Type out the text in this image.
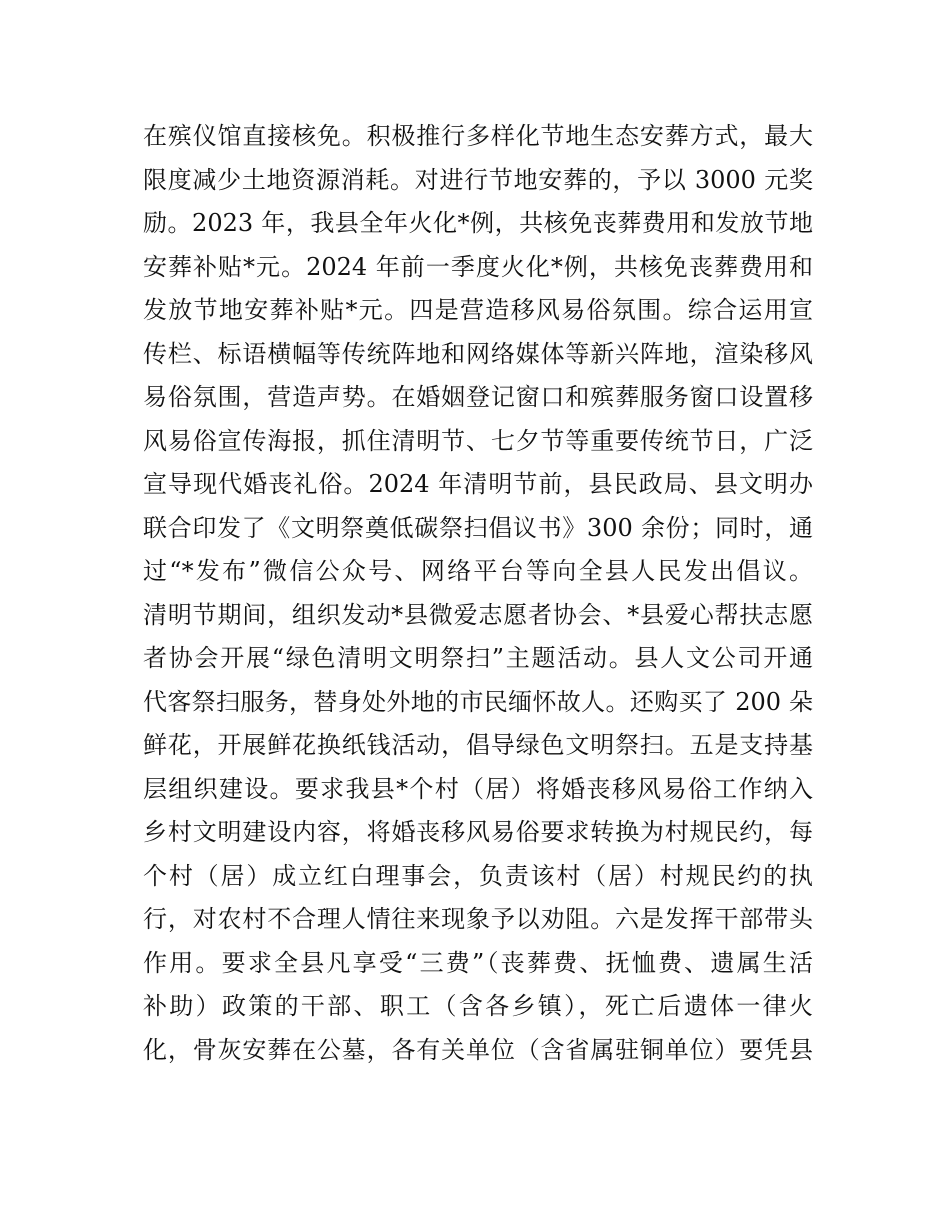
在殡仪馆直接核免。积极推行多样化节地生态安葬方式，最大
限度减少土地资源消耗。对进行节地安葬的，予以 3000 元奖
励。2023 年，我县全年火化*例，共核免丧葬费用和发放节地
安葬补贴*元。2024 年前一季度火化*例，共核免丧葬费用和
发放节地安葬补贴*元。四是营造移风易俗氛围。综合运用宣
传栏、标语横幅等传统阵地和网络媒体等新兴阵地，渲染移风
易俗氛围，营造声势。在婚姻登记窗口和殡葬服务窗口设置移
风易俗宣传海报，抓住清明节、七夕节等重要传统节日，广泛
宣导现代婚丧礼俗。2024 年清明节前，县民政局、县文明办
联合印发了《文明祭奠低碳祭扫倡议书》300 余份；同时，通
过“*发布”微信公众号、网络平台等向全县人民发出倡议。
清明节期间，组织发动*县微爱志愿者协会、*县爱心帮扶志愿
者协会开展“绿色清明文明祭扫”主题活动。县人文公司开通
代客祭扫服务，替身处外地的市民缅怀故人。还购买了 200 朵
鲜花，开展鲜花换纸钱活动，倡导绿色文明祭扫。五是支持基
层组织建设。要求我县*个村（居）将婚丧移风易俗工作纳入
乡村文明建设内容，将婚丧移风易俗要求转换为村规民约，每
个村（居）成立红白理事会，负责该村（居）村规民约的执
行，对农村不合理人情往来现象予以劝阻。六是发挥干部带头
作用。要求全县凡享受“三费”（丧葬费、抚恤费、遗属生活
补助）政策的干部、职工（含各乡镇），死亡后遗体一律火
化，骨灰安葬在公墓，各有关单位（含省属驻铜单位）要凭县
